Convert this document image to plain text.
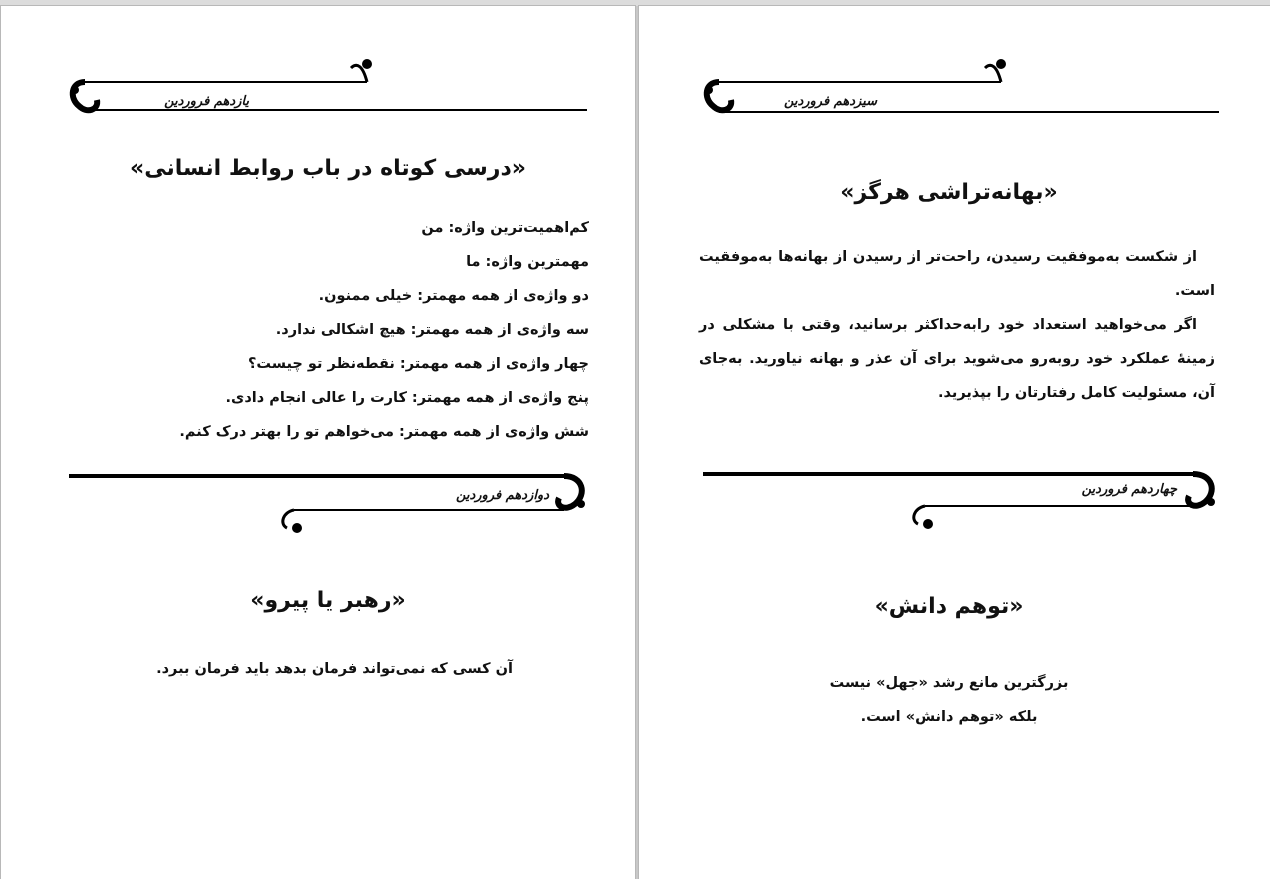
یازدهم فروردین
«درسی کوتاه در باب روابط انسانی»
کم‌اهمیت‌ترین واژه: من
مهمترین واژه: ما
دو واژه‌ی از همه مهمتر: خیلی ممنون.
سه واژه‌ی از همه مهمتر: هیچ اشکالی ندارد.
چهار واژه‌ی از همه مهمتر: نقطه‌نظر تو چیست؟
پنج واژه‌ی از همه مهمتر: کارت را عالی انجام دادی.
شش واژه‌ی از همه مهمتر: می‌خواهم تو را بهتر درک کنم.
دوازدهم فروردین
«رهبر یا پیرو»
آن کسی که نمی‌تواند فرمان بدهد باید فرمان ببرد.
سیزدهم فروردین
«بهانه‌تراشی هرگز»

از شکست به‌موفقیت رسیدن، راحت‌تر از رسیدن از بهانه‌ها به‌موفقیت است.

اگر می‌خواهید استعداد خود رابه‌حداکثر برسانید، وقتی با مشکلی در زمینهٔ عملکرد خود روبه‌رو می‌شوید برای آن عذر و بهانه نیاورید. به‌جای آن، مسئولیت کامل رفتارتان را بپذیرید.

چهاردهم فروردین
«توهم دانش»
بزرگترین مانع رشد «جهل» نیست
بلکه «توهم دانش» است.
